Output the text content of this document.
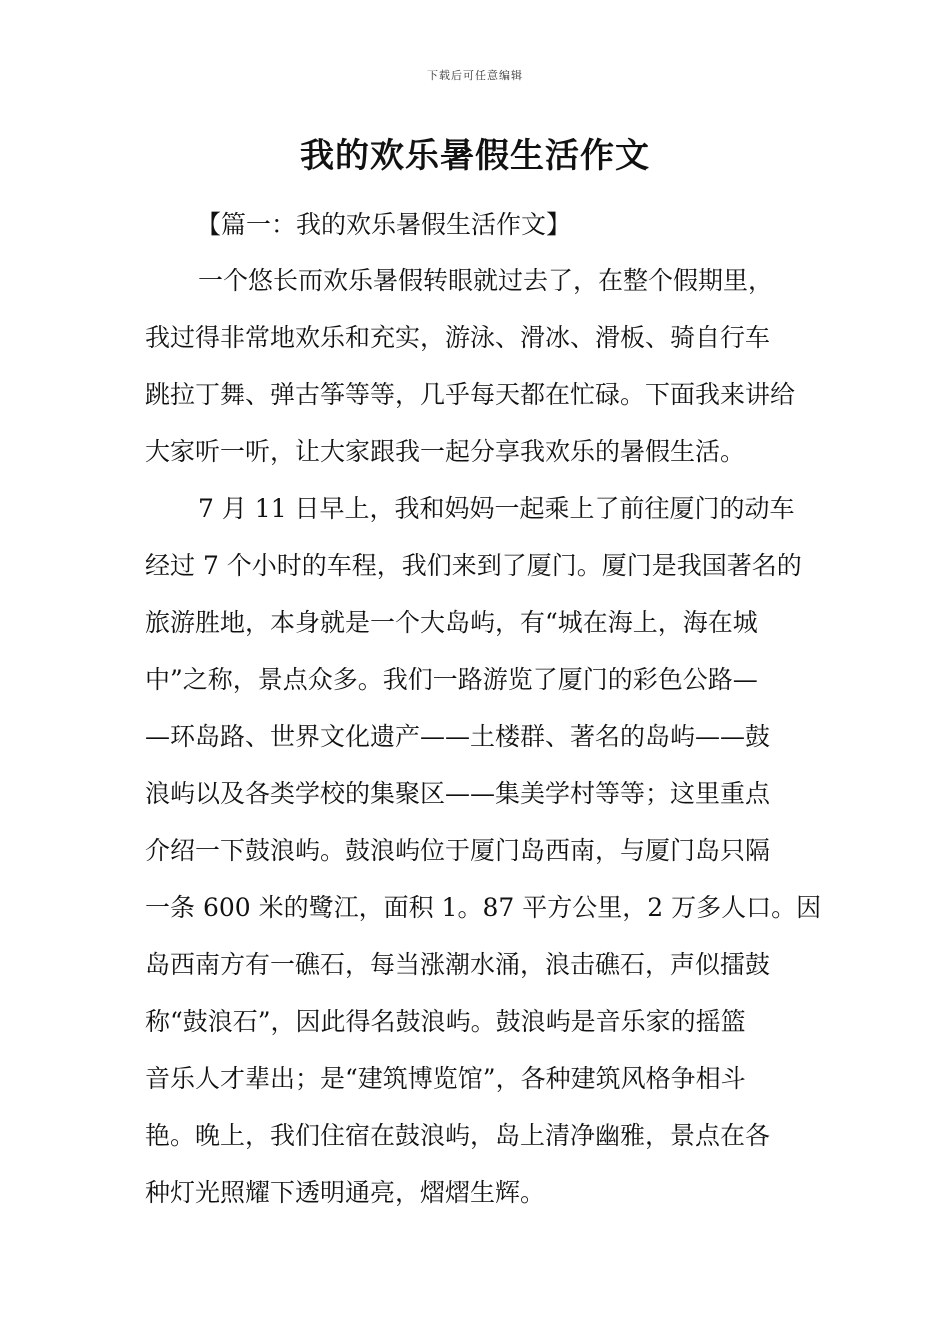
下载后可任意编辑
我的欢乐暑假生活作文
【篇一：我的欢乐暑假生活作文】
一个悠长而欢乐暑假转眼就过去了，在整个假期里，
我过得非常地欢乐和充实，游泳、滑冰、滑板、骑自行车
跳拉丁舞、弹古筝等等，几乎每天都在忙碌。下面我来讲给
大家听一听，让大家跟我一起分享我欢乐的暑假生活。
7 月 11 日早上，我和妈妈一起乘上了前往厦门的动车
经过 7 个小时的车程，我们来到了厦门。厦门是我国著名的
旅游胜地，本身就是一个大岛屿，有“城在海上，海在城
中”之称，景点众多。我们一路游览了厦门的彩色公路—
—环岛路、世界文化遗产——土楼群、著名的岛屿——鼓
浪屿以及各类学校的集聚区——集美学村等等；这里重点
介绍一下鼓浪屿。鼓浪屿位于厦门岛西南，与厦门岛只隔
一条 600 米的鹭江，面积 1。87 平方公里，2 万多人口。因
岛西南方有一礁石，每当涨潮水涌，浪击礁石，声似擂鼓
称“鼓浪石”，因此得名鼓浪屿。鼓浪屿是音乐家的摇篮
音乐人才辈出；是“建筑博览馆”，各种建筑风格争相斗
艳。晚上，我们住宿在鼓浪屿，岛上清净幽雅，景点在各
种灯光照耀下透明通亮，熠熠生辉。
